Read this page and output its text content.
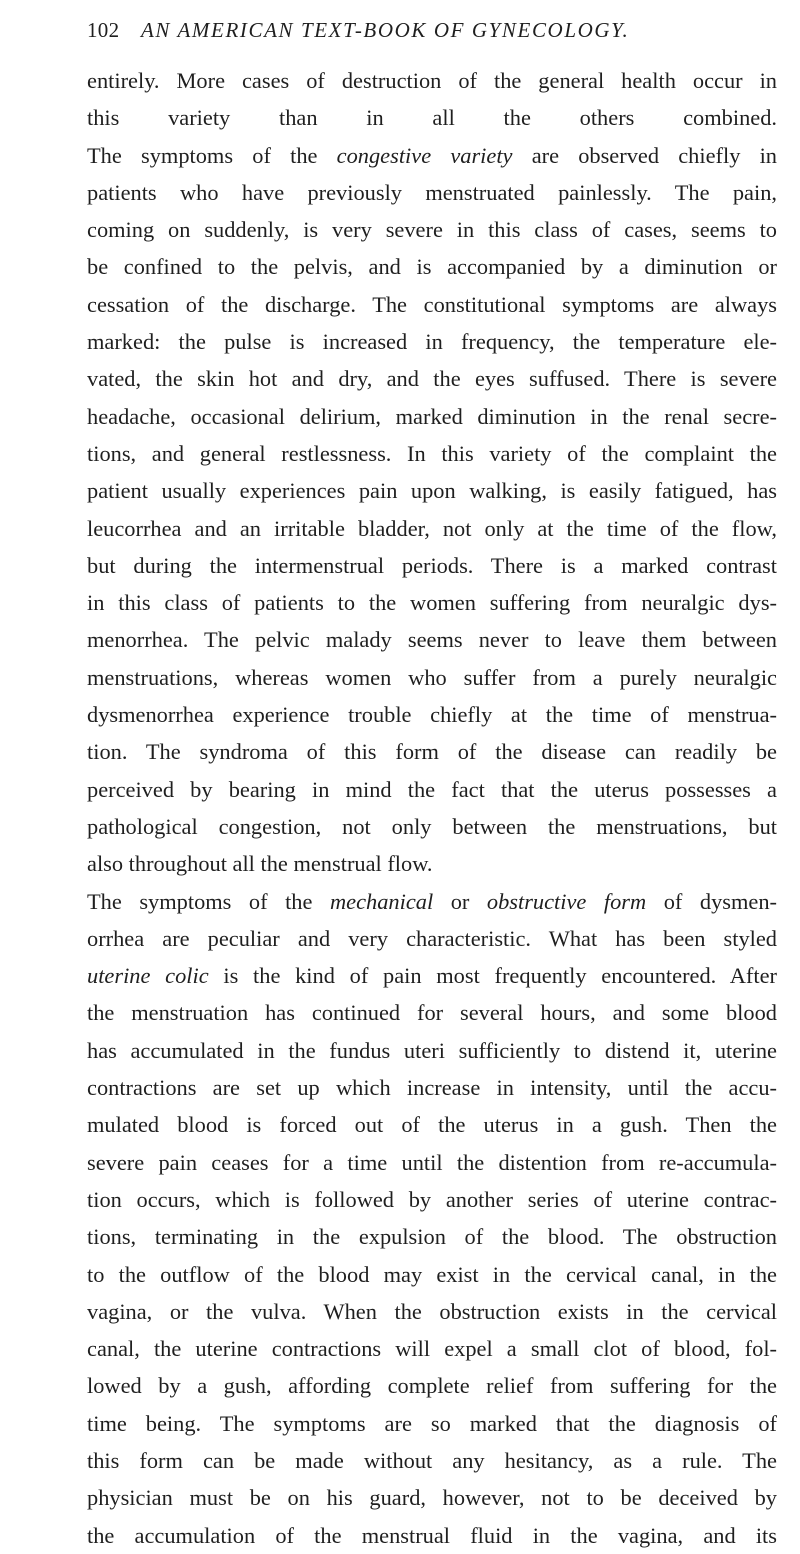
102 AN AMERICAN TEXT-BOOK OF GYNECOLOGY.
entirely. More cases of destruction of the general health occur in
this variety than in all the others combined.
The symptoms of the congestive variety are observed chiefly in
patients who have previously menstruated painlessly. The pain,
coming on suddenly, is very severe in this class of cases, seems to
be confined to the pelvis, and is accompanied by a diminution or
cessation of the discharge. The constitutional symptoms are always
marked: the pulse is increased in frequency, the temperature ele-
vated, the skin hot and dry, and the eyes suffused. There is severe
headache, occasional delirium, marked diminution in the renal secre-
tions, and general restlessness. In this variety of the complaint the
patient usually experiences pain upon walking, is easily fatigued, has
leucorrhea and an irritable bladder, not only at the time of the flow,
but during the intermenstrual periods. There is a marked contrast
in this class of patients to the women suffering from neuralgic dys-
menorrhea. The pelvic malady seems never to leave them between
menstruations, whereas women who suffer from a purely neuralgic
dysmenorrhea experience trouble chiefly at the time of menstrua-
tion. The syndroma of this form of the disease can readily be
perceived by bearing in mind the fact that the uterus possesses a
pathological congestion, not only between the menstruations, but
also throughout all the menstrual flow.
The symptoms of the mechanical or obstructive form of dysmen-
orrhea are peculiar and very characteristic. What has been styled
uterine colic is the kind of pain most frequently encountered. After
the menstruation has continued for several hours, and some blood
has accumulated in the fundus uteri sufficiently to distend it, uterine
contractions are set up which increase in intensity, until the accu-
mulated blood is forced out of the uterus in a gush. Then the
severe pain ceases for a time until the distention from re-accumula-
tion occurs, which is followed by another series of uterine contrac-
tions, terminating in the expulsion of the blood. The obstruction
to the outflow of the blood may exist in the cervical canal, in the
vagina, or the vulva. When the obstruction exists in the cervical
canal, the uterine contractions will expel a small clot of blood, fol-
lowed by a gush, affording complete relief from suffering for the
time being. The symptoms are so marked that the diagnosis of
this form can be made without any hesitancy, as a rule. The
physician must be on his guard, however, not to be deceived by
the accumulation of the menstrual fluid in the vagina, and its
